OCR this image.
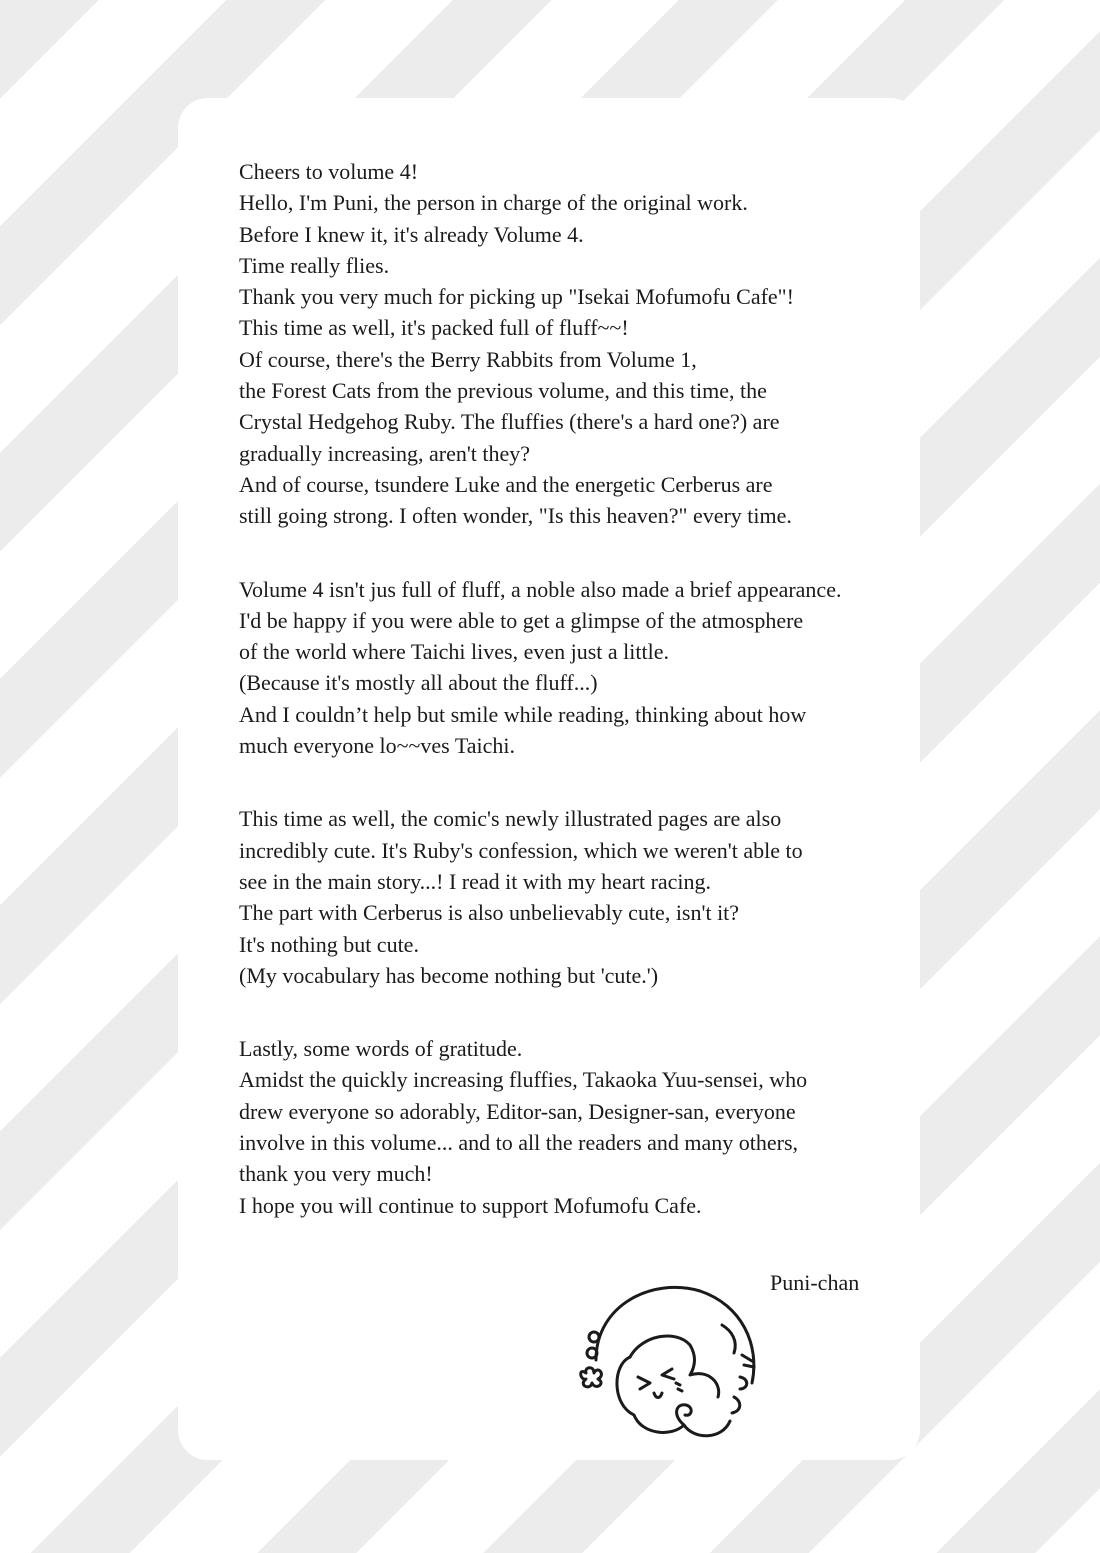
Cheers to volume 4!
Hello, I'm Puni, the person in charge of the original work.
Before I knew it, it's already Volume 4.
Time really flies.
Thank you very much for picking up "Isekai Mofumofu Cafe"!
This time as well, it's packed full of fluff~~!
Of course, there's the Berry Rabbits from Volume 1,
the Forest Cats from the previous volume, and this time, the
Crystal Hedgehog Ruby. The fluffies (there's a hard one?) are
gradually increasing, aren't they?
And of course, tsundere Luke and the energetic Cerberus are
still going strong. I often wonder, "Is this heaven?" every time.
Volume 4 isn't jus full of fluff, a noble also made a brief appearance.
I'd be happy if you were able to get a glimpse of the atmosphere
of the world where Taichi lives, even just a little.
(Because it's mostly all about the fluff...)
And I couldn’t help but smile while reading, thinking about how
much everyone lo~~ves Taichi.
This time as well, the comic's newly illustrated pages are also
incredibly cute. It's Ruby's confession, which we weren't able to
see in the main story...! I read it with my heart racing.
The part with Cerberus is also unbelievably cute, isn't it?
It's nothing but cute.
(My vocabulary has become nothing but 'cute.')
Lastly, some words of gratitude.
Amidst the quickly increasing fluffies, Takaoka Yuu-sensei, who
drew everyone so adorably, Editor-san, Designer-san, everyone
involve in this volume... and to all the readers and many others,
thank you very much!
I hope you will continue to support Mofumofu Cafe.
Puni-chan
